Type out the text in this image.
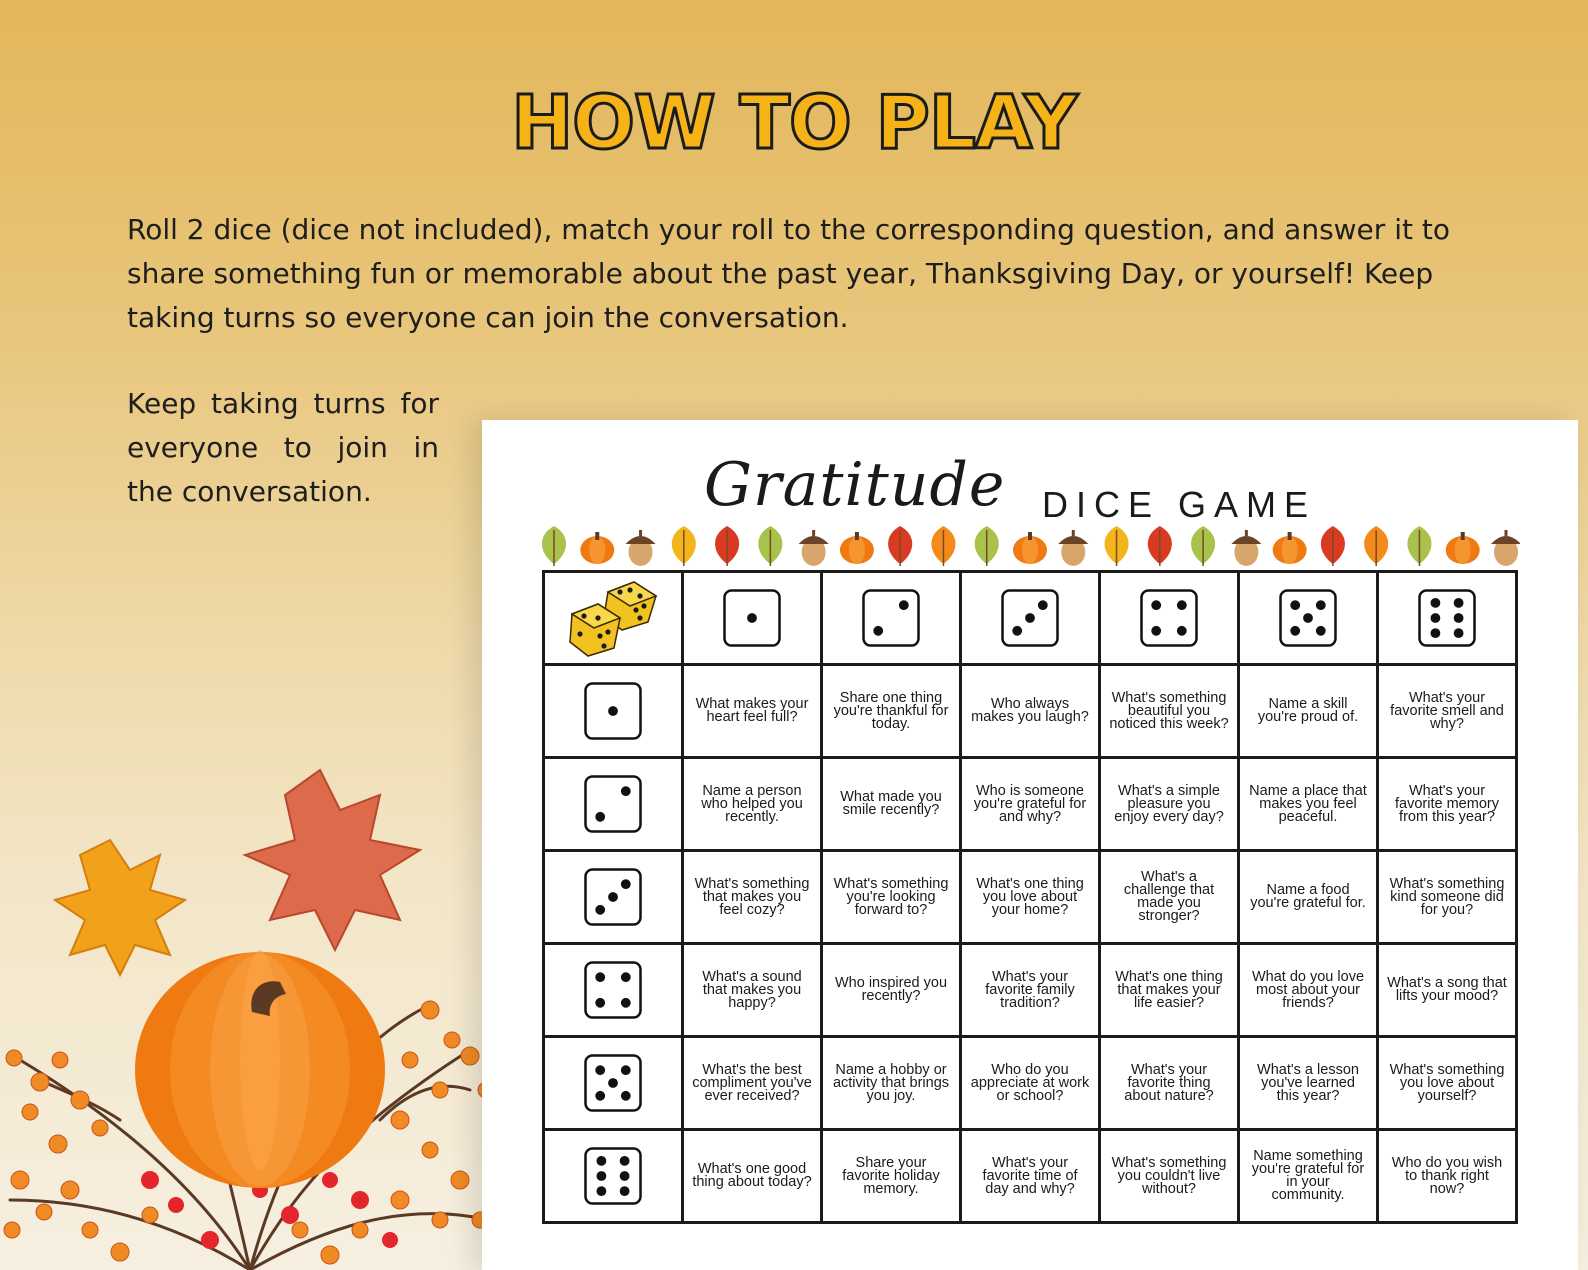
HOW TO PLAY

Roll 2 dice (dice not included), match your roll to the corresponding question, and answer it to share something fun or memorable about the past year, Thanksgiving Day, or yourself! Keep taking turns so everyone can join the conversation.

Keep taking turns for everyone to join in the conversation.	Gratitude DICE GAME

	What makes your heart feel full?	Share one thing you're thankful for today.	Who always makes you laugh?	What's something beautiful you noticed this week?	Name a skill you're proud of.	What's your favorite smell and why?

	Name a person who helped you recently.	What made you smile recently?	Who is someone you're grateful for and why?	What's a simple pleasure you enjoy every day?	Name a place that makes you feel peaceful.	What's your favorite memory from this year?

	What's something that makes you feel cozy?	What's something you're looking forward to?	What's one thing you love about your home?	What's a challenge that made you stronger?	Name a food you're grateful for.	What's something kind someone did for you?

	What's a sound that makes you happy?	Who inspired you recently?	What's your favorite family tradition?	What's one thing that makes your life easier?	What do you love most about your friends?	What's a song that lifts your mood?

	What's the best compliment you've ever received?	Name a hobby or activity that brings you joy.	Who do you appreciate at work or school?	What's your favorite thing about nature?	What's a lesson you've learned this year?	What's something you love about yourself?

	What's one good thing about today?	Share your favorite holiday memory.	What's your favorite time of day and why?	What's something you couldn't live without?	Name something you're grateful for in your community.	Who do you wish to thank right now?
